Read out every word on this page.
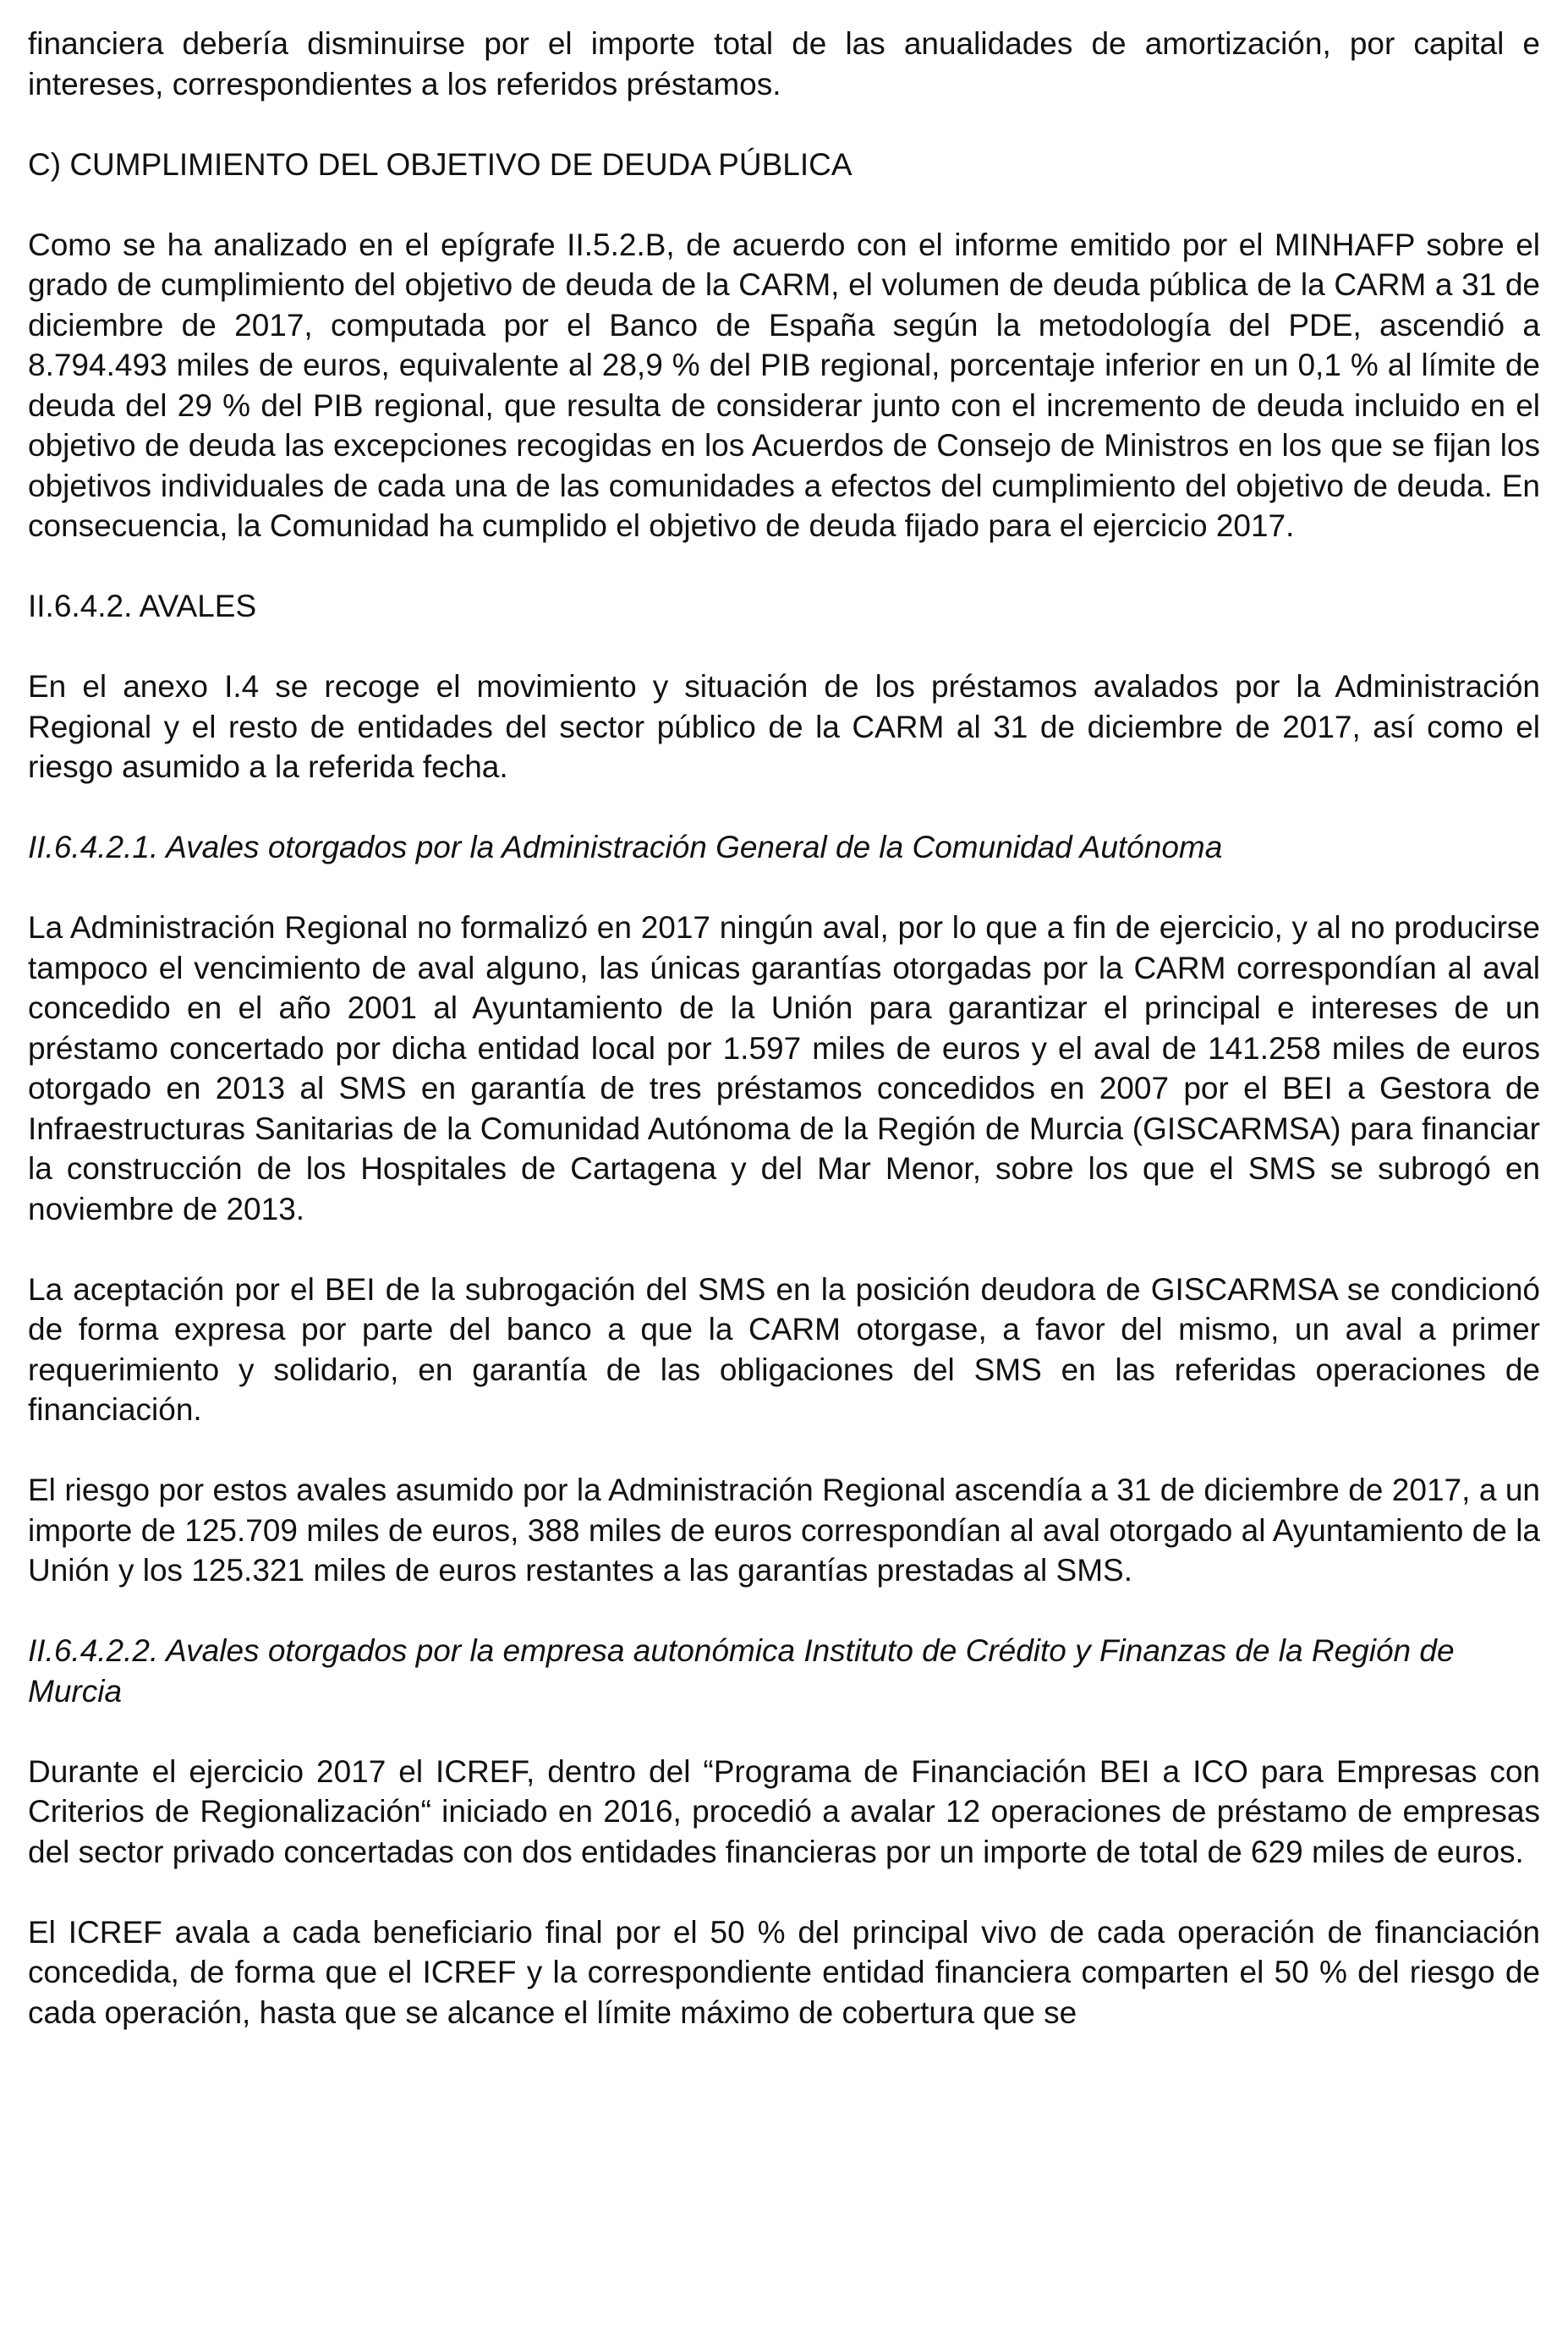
financiera debería disminuirse por el importe total de las anualidades de amortización, por capital e intereses, correspondientes a los referidos préstamos.

C) CUMPLIMIENTO DEL OBJETIVO DE DEUDA PÚBLICA

Como se ha analizado en el epígrafe II.5.2.B, de acuerdo con el informe emitido por el MINHAFP sobre el grado de cumplimiento del objetivo de deuda de la CARM, el volumen de deuda pública de la CARM a 31 de diciembre de 2017, computada por el Banco de España según la metodología del PDE, ascendió a 8.794.493 miles de euros, equivalente al 28,9 % del PIB regional, porcentaje inferior en un 0,1 % al límite de deuda del 29 % del PIB regional, que resulta de considerar junto con el incremento de deuda incluido en el objetivo de deuda las excepciones recogidas en los Acuerdos de Consejo de Ministros en los que se fijan los objetivos individuales de cada una de las comunidades a efectos del cumplimiento del objetivo de deuda. En consecuencia, la Comunidad ha cumplido el objetivo de deuda fijado para el ejercicio 2017.

II.6.4.2. AVALES

En el anexo I.4 se recoge el movimiento y situación de los préstamos avalados por la Administración Regional y el resto de entidades del sector público de la CARM al 31 de diciembre de 2017, así como el riesgo asumido a la referida fecha.

II.6.4.2.1. Avales otorgados por la Administración General de la Comunidad Autónoma

La Administración Regional no formalizó en 2017 ningún aval, por lo que a fin de ejercicio, y al no producirse tampoco el vencimiento de aval alguno, las únicas garantías otorgadas por la CARM correspondían al aval concedido en el año 2001 al Ayuntamiento de la Unión para garantizar el principal e intereses de un préstamo concertado por dicha entidad local por 1.597 miles de euros y el aval de 141.258 miles de euros otorgado en 2013 al SMS en garantía de tres préstamos concedidos en 2007 por el BEI a Gestora de Infraestructuras Sanitarias de la Comunidad Autónoma de la Región de Murcia (GISCARMSA) para financiar la construcción de los Hospitales de Cartagena y del Mar Menor, sobre los que el SMS se subrogó en noviembre de 2013.

La aceptación por el BEI de la subrogación del SMS en la posición deudora de GISCARMSA se condicionó de forma expresa por parte del banco a que la CARM otorgase, a favor del mismo, un aval a primer requerimiento y solidario, en garantía de las obligaciones del SMS en las referidas operaciones de financiación.

El riesgo por estos avales asumido por la Administración Regional ascendía a 31 de diciembre de 2017, a un importe de 125.709 miles de euros, 388 miles de euros correspondían al aval otorgado al Ayuntamiento de la Unión y los 125.321 miles de euros restantes a las garantías prestadas al SMS.

II.6.4.2.2. Avales otorgados por la empresa autonómica Instituto de Crédito y Finanzas de la Región de Murcia

Durante el ejercicio 2017 el ICREF, dentro del “Programa de Financiación BEI a ICO para Empresas con Criterios de Regionalización“ iniciado en 2016, procedió a avalar 12 operaciones de préstamo de empresas del sector privado concertadas con dos entidades financieras por un importe de total de 629 miles de euros.

El ICREF avala a cada beneficiario final por el 50 % del principal vivo de cada operación de financiación concedida, de forma que el ICREF y la correspondiente entidad financiera comparten el 50 % del riesgo de cada operación, hasta que se alcance el límite máximo de cobertura que se
